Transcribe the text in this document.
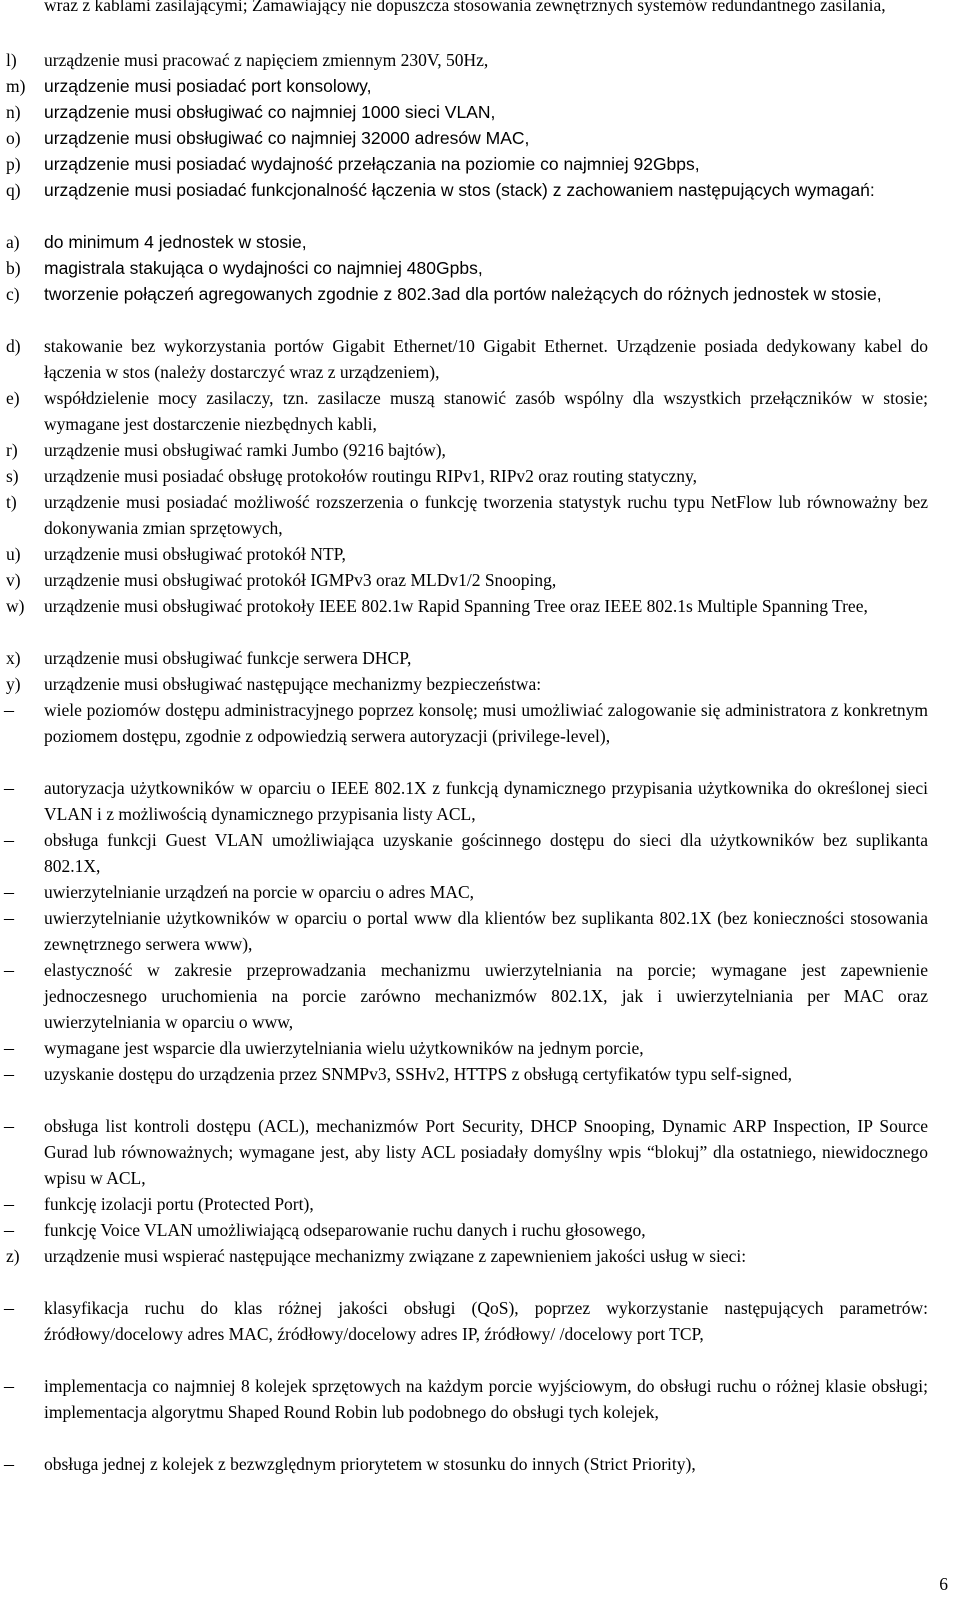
wraz z kablami zasilającymi; Zamawiający nie dopuszcza stosowania zewnętrznych systemów redundantnego zasilania,
l) urządzenie musi pracować z napięciem zmiennym 230V, 50Hz,
m) urządzenie musi posiadać port konsolowy,
n) urządzenie musi obsługiwać co najmniej 1000 sieci VLAN,
o) urządzenie musi obsługiwać co najmniej 32000 adresów MAC,
p) urządzenie musi posiadać wydajność przełączania na poziomie co najmniej 92Gbps,
q) urządzenie musi posiadać funkcjonalność łączenia w stos (stack) z zachowaniem następujących wymagań:
a) do minimum 4 jednostek w stosie,
b) magistrala stakująca o wydajności co najmniej 480Gpbs,
c) tworzenie połączeń agregowanych zgodnie z 802.3ad dla portów należących do różnych jednostek w stosie,
d) stakowanie bez wykorzystania portów Gigabit Ethernet/10 Gigabit Ethernet. Urządzenie posiada dedykowany kabel do łączenia w stos (należy dostarczyć wraz z urządzeniem),
e) współdzielenie mocy zasilaczy, tzn. zasilacze muszą stanowić zasób wspólny dla wszystkich przełączników w stosie; wymagane jest dostarczenie niezbędnych kabli,
r) urządzenie musi obsługiwać ramki Jumbo (9216 bajtów),
s) urządzenie musi posiadać obsługę protokołów routingu RIPv1, RIPv2 oraz routing statyczny,
t) urządzenie musi posiadać możliwość rozszerzenia o funkcję tworzenia statystyk ruchu typu NetFlow lub równoważny bez dokonywania zmian sprzętowych,
u) urządzenie musi obsługiwać protokół NTP,
v) urządzenie musi obsługiwać protokół IGMPv3 oraz MLDv1/2 Snooping,
w) urządzenie musi obsługiwać protokoły IEEE 802.1w Rapid Spanning Tree oraz IEEE 802.1s Multiple Spanning Tree,
x) urządzenie musi obsługiwać funkcje serwera DHCP,
y) urządzenie musi obsługiwać następujące mechanizmy bezpieczeństwa:
– wiele poziomów dostępu administracyjnego poprzez konsolę; musi umożliwiać zalogowanie się administratora z konkretnym poziomem dostępu, zgodnie z odpowiedzią serwera autoryzacji (privilege-level),
– autoryzacja użytkowników w oparciu o IEEE 802.1X z funkcją dynamicznego przypisania użytkownika do określonej sieci VLAN i z możliwością dynamicznego przypisania listy ACL,
– obsługa funkcji Guest VLAN umożliwiająca uzyskanie gościnnego dostępu do sieci dla użytkowników bez suplikanta 802.1X,
– uwierzytelnianie urządzeń na porcie w oparciu o adres MAC,
– uwierzytelnianie użytkowników w oparciu o portal www dla klientów bez suplikanta 802.1X (bez konieczności stosowania zewnętrznego serwera www),
– elastyczność w zakresie przeprowadzania mechanizmu uwierzytelniania na porcie; wymagane jest zapewnienie jednoczesnego uruchomienia na porcie zarówno mechanizmów 802.1X, jak i uwierzytelniania per MAC oraz uwierzytelniania w oparciu o www,
– wymagane jest wsparcie dla uwierzytelniania wielu użytkowników na jednym porcie,
– uzyskanie dostępu do urządzenia przez SNMPv3, SSHv2, HTTPS z obsługą certyfikatów typu self-signed,
– obsługa list kontroli dostępu (ACL), mechanizmów Port Security, DHCP Snooping, Dynamic ARP Inspection, IP Source Gurad lub równoważnych; wymagane jest, aby listy ACL posiadały domyślny wpis “blokuj” dla ostatniego, niewidocznego wpisu w ACL,
– funkcję izolacji portu (Protected Port),
– funkcję Voice VLAN umożliwiającą odseparowanie ruchu danych i ruchu głosowego,
z) urządzenie musi wspierać następujące mechanizmy związane z zapewnieniem jakości usług w sieci:
– klasyfikacja ruchu do klas różnej jakości obsługi (QoS), poprzez wykorzystanie następujących parametrów: źródłowy/docelowy adres MAC, źródłowy/docelowy adres IP, źródłowy/ /docelowy port TCP,
– implementacja co najmniej 8 kolejek sprzętowych na każdym porcie wyjściowym, do obsługi ruchu o różnej klasie obsługi; implementacja algorytmu Shaped Round Robin lub podobnego do obsługi tych kolejek,
– obsługa jednej z kolejek z bezwzględnym priorytetem w stosunku do innych (Strict Priority),
6
